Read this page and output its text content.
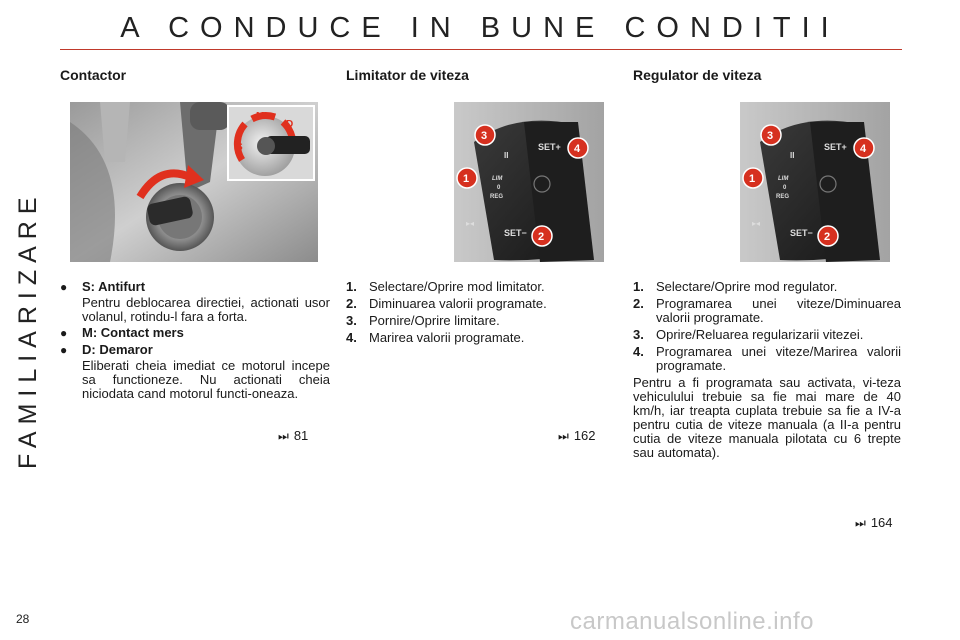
A CONDUCE IN BUNE CONDITII
FAMILIARIZARE
Contactor	Limitator de viteza	Regulator de viteza
S
M
D
SET+
II
LIM
0
REG
▸◂
SET−
3
4
1
2
SET+
II
LIM
0
REG
▸◂
SET−
3
4
1
2
● S: Antifurt
Pentru deblocarea directiei, actionati usor volanul, rotindu-l fara a forta.
● M: Contact mers
● D: Demaror
Eliberati cheia imediat ce motorul incepe sa functioneze. Nu actionati cheia niciodata cand motorul functi-oneaza.
⏭ 81
1. Selectare/Oprire mod limitator.
2. Diminuarea valorii programate.
3. Pornire/Oprire limitare.
4. Marirea valorii programate.
⏭ 162
1. Selectare/Oprire mod regulator.
2. Programarea unei viteze/Diminuarea valorii programate.
3. Oprire/Reluarea regularizarii vitezei.
4. Programarea unei viteze/Marirea valorii programate.
Pentru a fi programata sau activata, vi-teza vehiculului trebuie sa fie mai mare de 40 km/h, iar treapta cuplata trebuie sa fie a IV-a pentru cutia de viteze manuala (a II-a pentru cutia de viteze manuala pilotata cu 6 trepte sau automata).
⏭ 164
28	carmanualsonline.info
